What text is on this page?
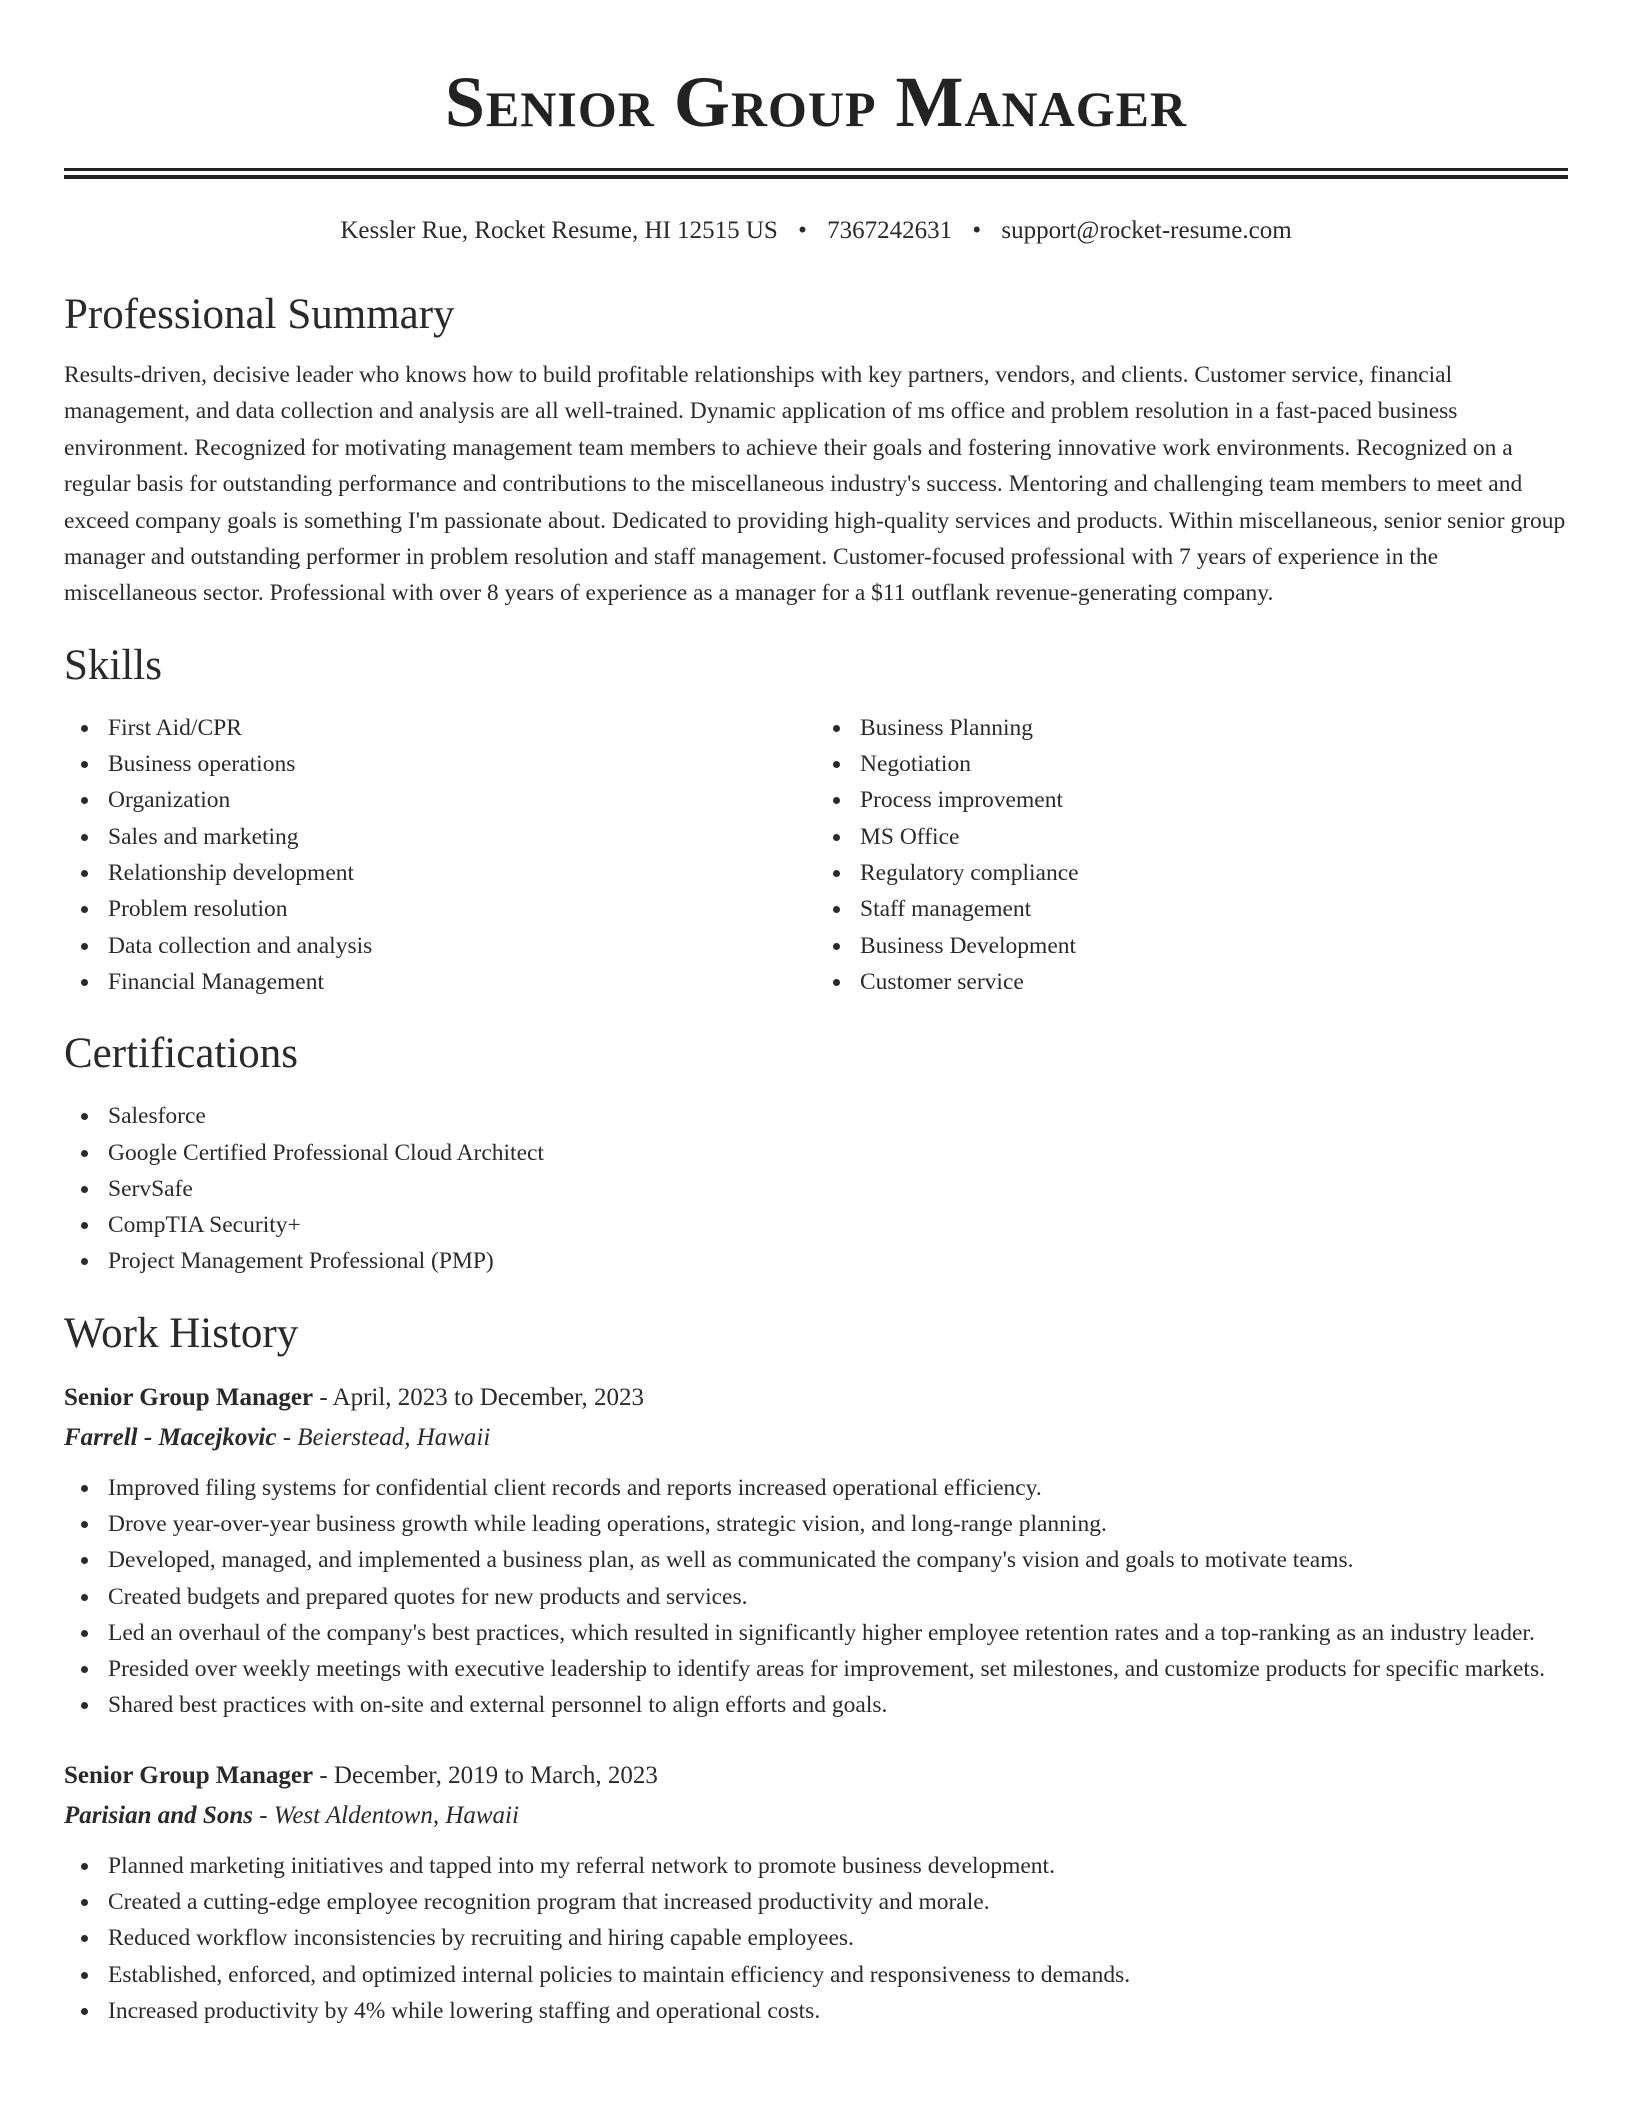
Senior Group Manager
Kessler Rue, Rocket Resume, HI 12515 US • 7367242631 • support@rocket-resume.com
Professional Summary

Results-driven, decisive leader who knows how to build profitable relationships with key partners, vendors, and clients. Customer service, financial management, and data collection and analysis are all well-trained. Dynamic application of ms office and problem resolution in a fast-paced business environment. Recognized for motivating management team members to achieve their goals and fostering innovative work environments. Recognized on a regular basis for outstanding performance and contributions to the miscellaneous industry's success. Mentoring and challenging team members to meet and exceed company goals is something I'm passionate about. Dedicated to providing high-quality services and products. Within miscellaneous, senior senior group manager and outstanding performer in problem resolution and staff management. Customer-focused professional with 7 years of experience in the miscellaneous sector. Professional with over 8 years of experience as a manager for a $11 outflank revenue-generating company.

Skills
First Aid/CPR
Business operations
Organization
Sales and marketing
Relationship development
Problem resolution
Data collection and analysis
Financial Management
Business Planning
Negotiation
Process improvement
MS Office
Regulatory compliance
Staff management
Business Development
Customer service
Certifications
Salesforce
Google Certified Professional Cloud Architect
ServSafe
CompTIA Security+
Project Management Professional (PMP)
Work History
Senior Group Manager - April, 2023 to December, 2023
Farrell - Macejkovic - Beierstead, Hawaii
Improved filing systems for confidential client records and reports increased operational efficiency.
Drove year-over-year business growth while leading operations, strategic vision, and long-range planning.
Developed, managed, and implemented a business plan, as well as communicated the company's vision and goals to motivate teams.
Created budgets and prepared quotes for new products and services.
Led an overhaul of the company's best practices, which resulted in significantly higher employee retention rates and a top-ranking as an industry leader.
Presided over weekly meetings with executive leadership to identify areas for improvement, set milestones, and customize products for specific markets.
Shared best practices with on-site and external personnel to align efforts and goals.
Senior Group Manager - December, 2019 to March, 2023
Parisian and Sons - West Aldentown, Hawaii
Planned marketing initiatives and tapped into my referral network to promote business development.
Created a cutting-edge employee recognition program that increased productivity and morale.
Reduced workflow inconsistencies by recruiting and hiring capable employees.
Established, enforced, and optimized internal policies to maintain efficiency and responsiveness to demands.
Increased productivity by 4% while lowering staffing and operational costs.
